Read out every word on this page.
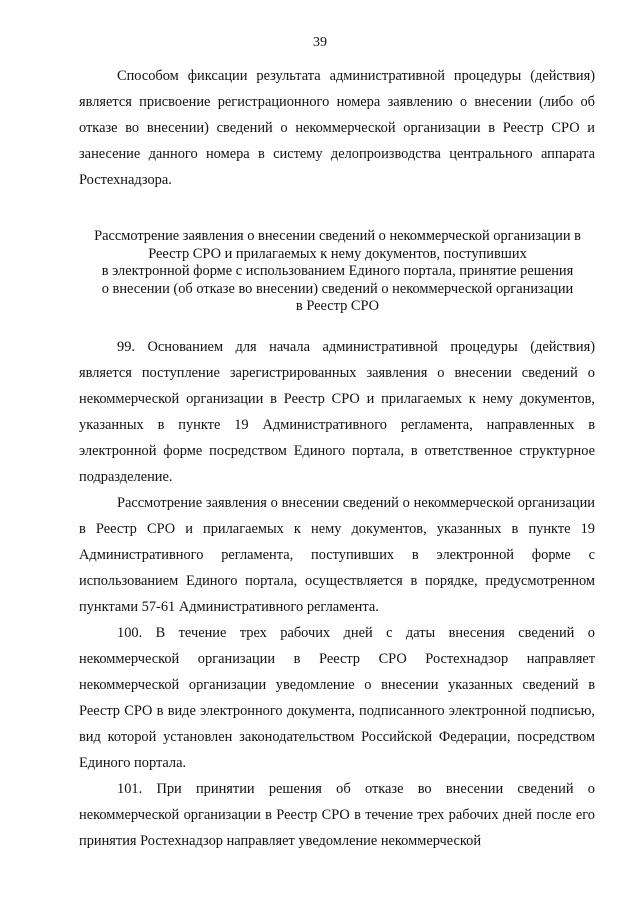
39

Способом фиксации результата административной процедуры (действия) является присвоение регистрационного номера заявлению о внесении (либо об отказе во внесении) сведений о некоммерческой организации в Реестр СРО и занесение данного номера в систему делопроизводства центрального аппарата Ростехнадзора.

Рассмотрение заявления о внесении сведений о некоммерческой организации в
Реестр СРО и прилагаемых к нему документов, поступивших
в электронной форме с использованием Единого портала, принятие решения
о внесении (об отказе во внесении) сведений о некоммерческой организации
в Реестр СРО

99. Основанием для начала административной процедуры (действия) является поступление зарегистрированных заявления о внесении сведений о некоммерческой организации в Реестр СРО и прилагаемых к нему документов, указанных в пункте 19 Административного регламента, направленных в электронной форме посредством Единого портала, в ответственное структурное подразделение.

Рассмотрение заявления о внесении сведений о некоммерческой организации в Реестр СРО и прилагаемых к нему документов, указанных в пункте 19 Административного регламента, поступивших в электронной форме с использованием Единого портала, осуществляется в порядке, предусмотренном пунктами 57-61 Административного регламента.

100. В течение трех рабочих дней с даты внесения сведений о некоммерческой организации в Реестр СРО Ростехнадзор направляет некоммерческой организации уведомление о внесении указанных сведений в Реестр СРО в виде электронного документа, подписанного электронной подписью, вид которой установлен законодательством Российской Федерации, посредством Единого портала.

101. При принятии решения об отказе во внесении сведений о некоммерческой организации в Реестр СРО в течение трех рабочих дней после его принятия Ростехнадзор направляет уведомление некоммерческой
